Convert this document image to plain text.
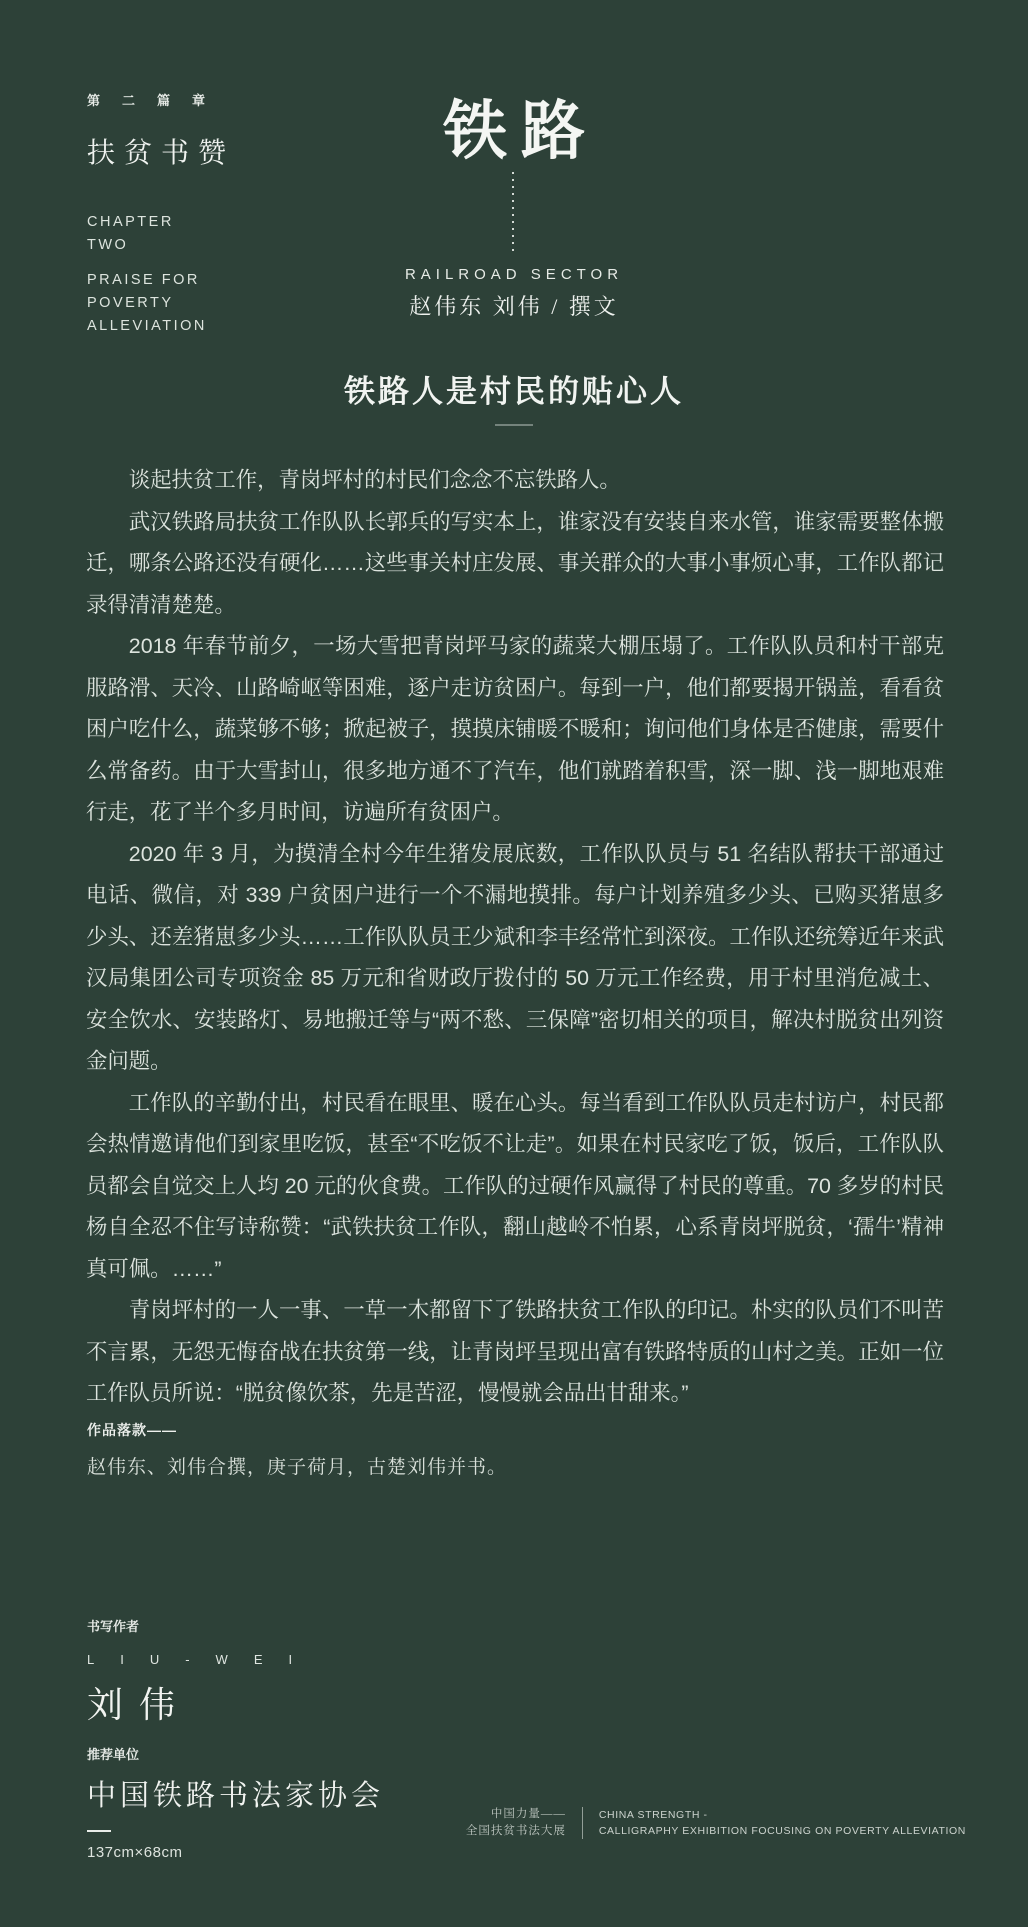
第二篇章
扶贫书赞
CHAPTER
TWO
PRAISE FOR
POVERTY
ALLEVIATION
铁路
RAILROAD SECTOR
赵伟东 刘伟 / 撰文
铁路人是村民的贴心人

谈起扶贫工作，青岗坪村的村民们念念不忘铁路人。

武汉铁路局扶贫工作队队长郭兵的写实本上，谁家没有安装自来水管，谁家需要整体搬迁，哪条公路还没有硬化……这些事关村庄发展、事关群众的大事小事烦心事，工作队都记录得清清楚楚。

2018 年春节前夕，一场大雪把青岗坪马家的蔬菜大棚压塌了。工作队队员和村干部克服路滑、天冷、山路崎岖等困难，逐户走访贫困户。每到一户，他们都要揭开锅盖，看看贫困户吃什么，蔬菜够不够；掀起被子，摸摸床铺暖不暖和；询问他们身体是否健康，需要什么常备药。由于大雪封山，很多地方通不了汽车，他们就踏着积雪，深一脚、浅一脚地艰难行走，花了半个多月时间，访遍所有贫困户。

2020 年 3 月，为摸清全村今年生猪发展底数，工作队队员与 51 名结队帮扶干部通过电话、微信，对 339 户贫困户进行一个不漏地摸排。每户计划养殖多少头、已购买猪崽多少头、还差猪崽多少头……工作队队员王少斌和李丰经常忙到深夜。工作队还统筹近年来武汉局集团公司专项资金 85 万元和省财政厅拨付的 50 万元工作经费，用于村里消危减土、安全饮水、安装路灯、易地搬迁等与“两不愁、三保障”密切相关的项目，解决村脱贫出列资金问题。

工作队的辛勤付出，村民看在眼里、暖在心头。每当看到工作队队员走村访户，村民都会热情邀请他们到家里吃饭，甚至“不吃饭不让走”。如果在村民家吃了饭，饭后，工作队队员都会自觉交上人均 20 元的伙食费。工作队的过硬作风赢得了村民的尊重。70 多岁的村民杨自全忍不住写诗称赞：“武铁扶贫工作队，翻山越岭不怕累，心系青岗坪脱贫，‘孺牛’精神真可佩。……”

青岗坪村的一人一事、一草一木都留下了铁路扶贫工作队的印记。朴实的队员们不叫苦不言累，无怨无悔奋战在扶贫第一线，让青岗坪呈现出富有铁路特质的山村之美。正如一位工作队员所说：“脱贫像饮茶，先是苦涩，慢慢就会品出甘甜来。”

作品落款——
赵伟东、刘伟合撰，庚子荷月，古楚刘伟并书。
书写作者
LIU-WEI
刘伟
推荐单位
中国铁路书法家协会
137cm×68cm
中国力量——
全国扶贫书法大展
CHINA STRENGTH -
CALLIGRAPHY EXHIBITION FOCUSING ON POVERTY ALLEVIATION
